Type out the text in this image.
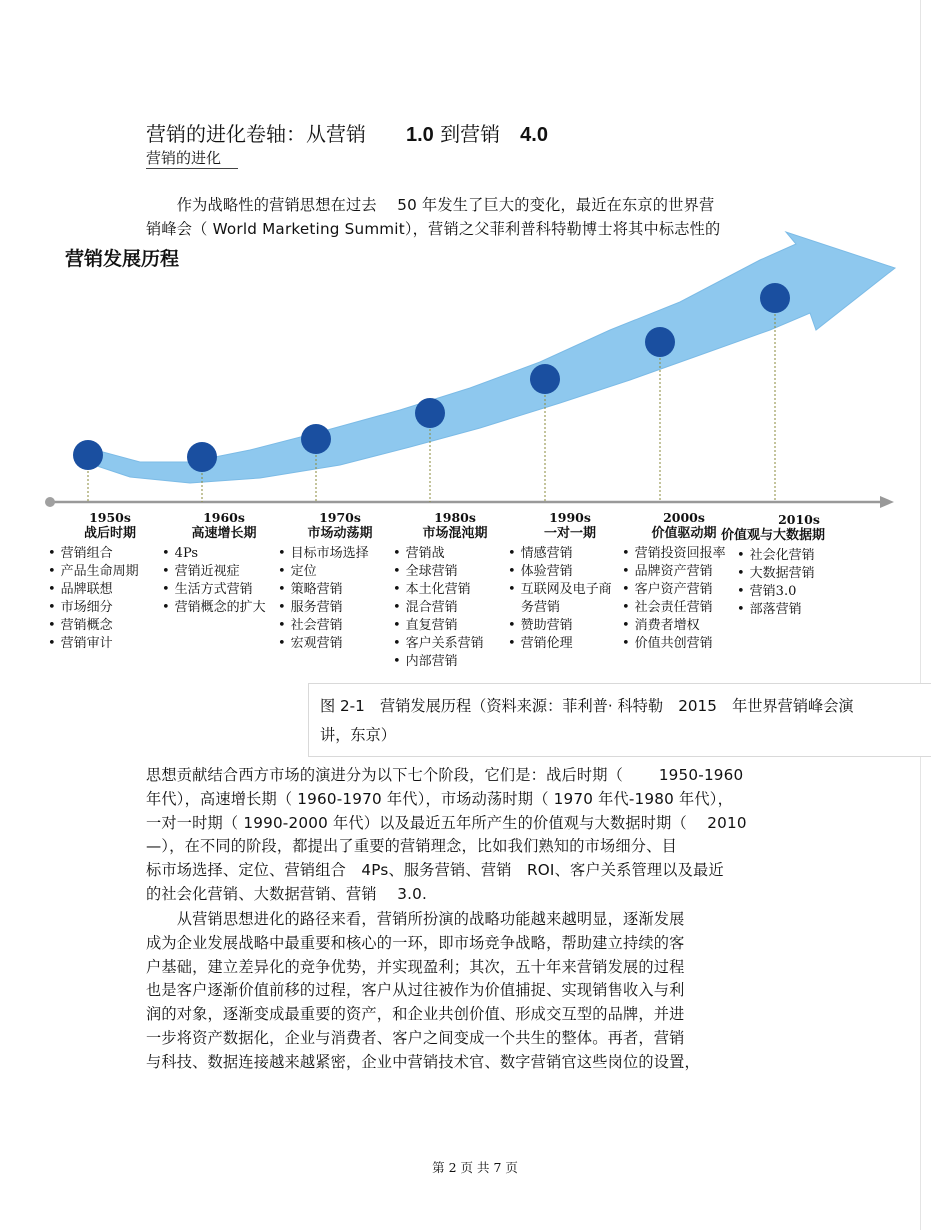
营销的进化卷轴：从营销　　 1.0 到营销　 4.0
营销的进化
　　作为战略性的营销思想在过去　 50 年发生了巨大的变化，最近在东京的世界营
销峰会（ World Marketing Summit），营销之父菲利普科特勒博士将其中标志性的
营销发展历程
1950s
战后时期
• 营销组合
• 产品生命周期
• 品牌联想
• 市场细分
• 营销概念
• 营销审计
1960s
高速增长期
• 4Ps
• 营销近视症
• 生活方式营销
• 营销概念的扩大
1970s
市场动荡期
• 目标市场选择
• 定位
• 策略营销
• 服务营销
• 社会营销
• 宏观营销
1980s
市场混沌期
• 营销战
• 全球营销
• 本土化营销
• 混合营销
• 直复营销
• 客户关系营销
• 内部营销
1990s
一对一期
• 情感营销
• 体验营销
• 互联网及电子商
　务营销
• 赞助营销
• 营销伦理
2000s
价值驱动期
• 营销投资回报率
• 品牌资产营销
• 客户资产营销
• 社会责任营销
• 消费者增权
• 价值共创营销
2010s
价值观与大数据期
• 社会化营销
• 大数据营销
• 营销3.0
• 部落营销
图 2-1　营销发展历程（资料来源：菲利普· 科特勒　2015　年世界营销峰会演
讲，东京）
思想贡献结合西方市场的演进分为以下七个阶段，它们是：战后时期（　　 1950-1960
年代），高速增长期（ 1960-1970 年代），市场动荡时期（ 1970 年代-1980 年代），
一对一时期（ 1990-2000 年代）以及最近五年所产生的价值观与大数据时期（　 2010
—），在不同的阶段，都提出了重要的营销理念，比如我们熟知的市场细分、目
标市场选择、定位、营销组合　4Ps、服务营销、营销　ROI、客户关系管理以及最近
的社会化营销、大数据营销、营销　 3.0.
　　从营销思想进化的路径来看，营销所扮演的战略功能越来越明显，逐渐发展
成为企业发展战略中最重要和核心的一环，即市场竞争战略，帮助建立持续的客
户基础，建立差异化的竞争优势，并实现盈利；其次，五十年来营销发展的过程
也是客户逐渐价值前移的过程，客户从过往被作为价值捕捉、实现销售收入与利
润的对象，逐渐变成最重要的资产，和企业共创价值、形成交互型的品牌，并进
一步将资产数据化，企业与消费者、客户之间变成一个共生的整体。再者，营销
与科技、数据连接越来越紧密，企业中营销技术官、数字营销官这些岗位的设置，
第 2 页 共 7 页
